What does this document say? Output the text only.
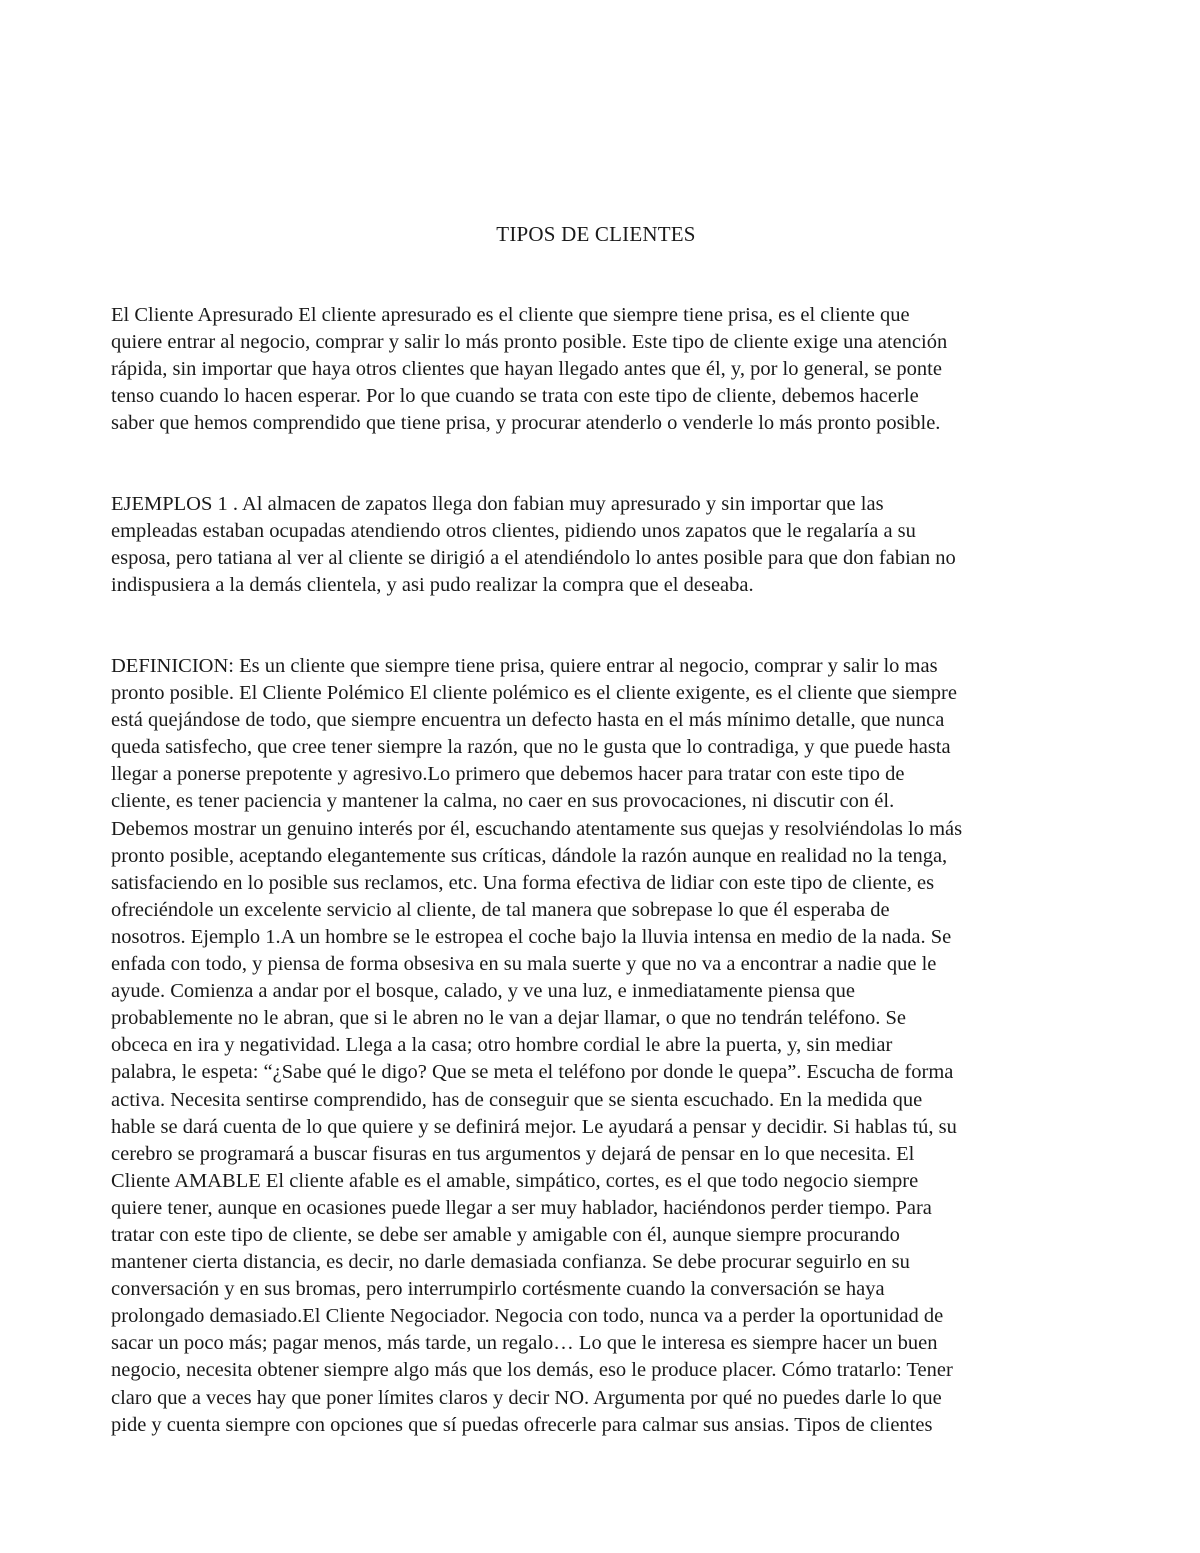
TIPOS DE CLIENTES
El Cliente Apresurado El cliente apresurado es el cliente que siempre tiene prisa, es el cliente que
quiere entrar al negocio, comprar y salir lo más pronto posible. Este tipo de cliente exige una atención
rápida, sin importar que haya otros clientes que hayan llegado antes que él, y, por lo general, se ponte
tenso cuando lo hacen esperar. Por lo que cuando se trata con este tipo de cliente, debemos hacerle
saber que hemos comprendido que tiene prisa, y procurar atenderlo o venderle lo más pronto posible.
EJEMPLOS 1 . Al almacen de zapatos llega don fabian muy apresurado y sin importar que las
empleadas estaban ocupadas atendiendo otros clientes, pidiendo unos zapatos que le regalaría a su
esposa, pero tatiana al ver al cliente se dirigió a el atendiéndolo lo antes posible para que don fabian no
indispusiera a la demás clientela, y asi pudo realizar la compra que el deseaba.
DEFINICION: Es un cliente que siempre tiene prisa, quiere entrar al negocio, comprar y salir lo mas
pronto posible. El Cliente Polémico El cliente polémico es el cliente exigente, es el cliente que siempre
está quejándose de todo, que siempre encuentra un defecto hasta en el más mínimo detalle, que nunca
queda satisfecho, que cree tener siempre la razón, que no le gusta que lo contradiga, y que puede hasta
llegar a ponerse prepotente y agresivo.Lo primero que debemos hacer para tratar con este tipo de
cliente, es tener paciencia y mantener la calma, no caer en sus provocaciones, ni discutir con él.
Debemos mostrar un genuino interés por él, escuchando atentamente sus quejas y resolviéndolas lo más
pronto posible, aceptando elegantemente sus críticas, dándole la razón aunque en realidad no la tenga,
satisfaciendo en lo posible sus reclamos, etc. Una forma efectiva de lidiar con este tipo de cliente, es
ofreciéndole un excelente servicio al cliente, de tal manera que sobrepase lo que él esperaba de
nosotros. Ejemplo 1.A un hombre se le estropea el coche bajo la lluvia intensa en medio de la nada. Se
enfada con todo, y piensa de forma obsesiva en su mala suerte y que no va a encontrar a nadie que le
ayude. Comienza a andar por el bosque, calado, y ve una luz, e inmediatamente piensa que
probablemente no le abran, que si le abren no le van a dejar llamar, o que no tendrán teléfono. Se
obceca en ira y negatividad. Llega a la casa; otro hombre cordial le abre la puerta, y, sin mediar
palabra, le espeta: “¿Sabe qué le digo? Que se meta el teléfono por donde le quepa”. Escucha de forma
activa. Necesita sentirse comprendido, has de conseguir que se sienta escuchado. En la medida que
hable se dará cuenta de lo que quiere y se definirá mejor. Le ayudará a pensar y decidir. Si hablas tú, su
cerebro se programará a buscar fisuras en tus argumentos y dejará de pensar en lo que necesita. El
Cliente AMABLE El cliente afable es el amable, simpático, cortes, es el que todo negocio siempre
quiere tener, aunque en ocasiones puede llegar a ser muy hablador, haciéndonos perder tiempo. Para
tratar con este tipo de cliente, se debe ser amable y amigable con él, aunque siempre procurando
mantener cierta distancia, es decir, no darle demasiada confianza. Se debe procurar seguirlo en su
conversación y en sus bromas, pero interrumpirlo cortésmente cuando la conversación se haya
prolongado demasiado.El Cliente Negociador. Negocia con todo, nunca va a perder la oportunidad de
sacar un poco más; pagar menos, más tarde, un regalo… Lo que le interesa es siempre hacer un buen
negocio, necesita obtener siempre algo más que los demás, eso le produce placer. Cómo tratarlo: Tener
claro que a veces hay que poner límites claros y decir NO. Argumenta por qué no puedes darle lo que
pide y cuenta siempre con opciones que sí puedas ofrecerle para calmar sus ansias. Tipos de clientes
